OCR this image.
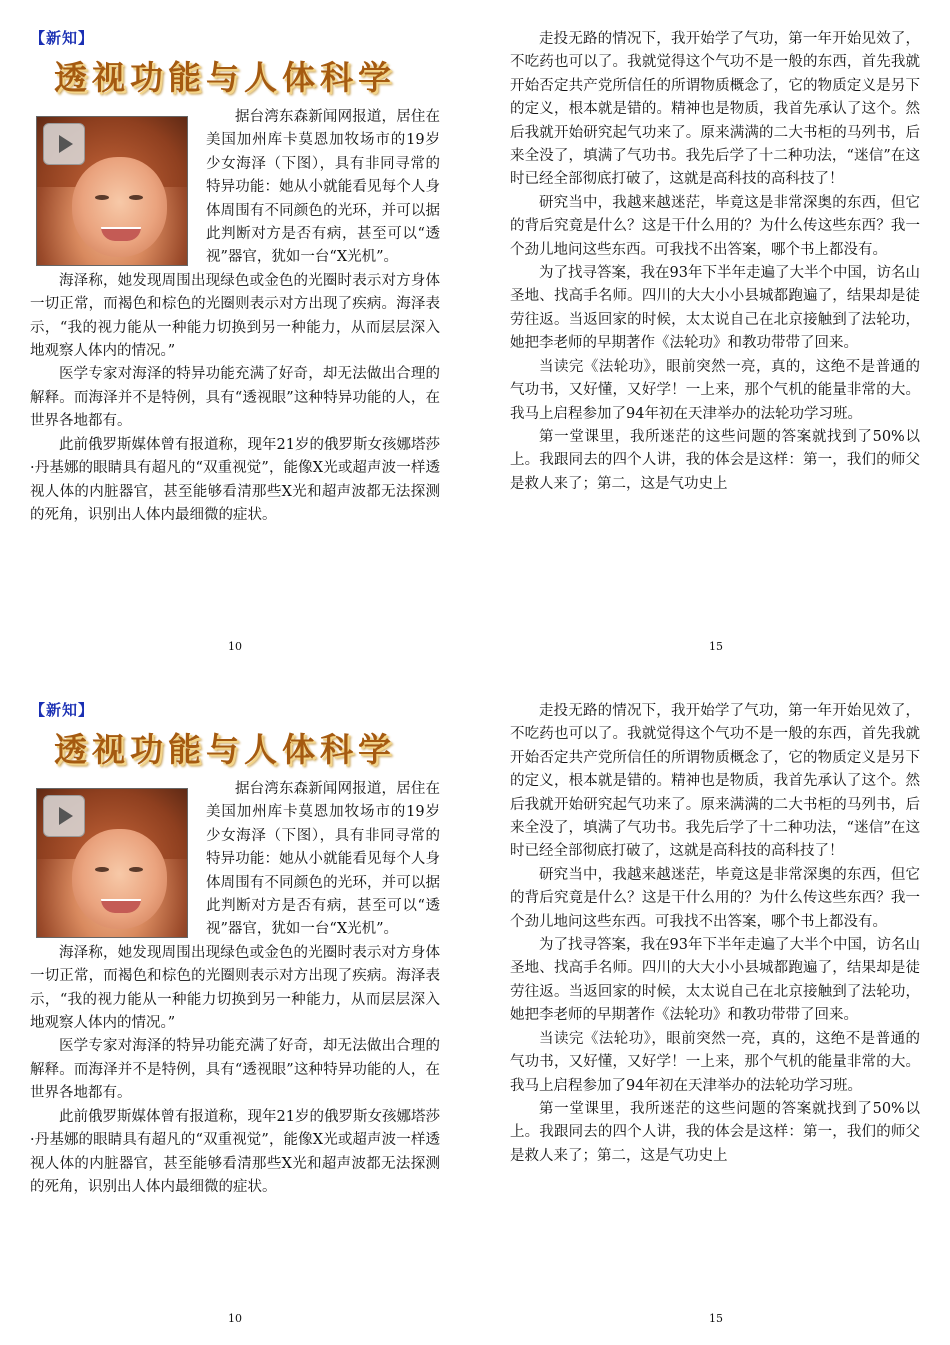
【新知】
透视功能与人体科学

据台湾东森新闻网报道，居住在美国加州库卡莫恩加牧场市的19岁少女海泽（下图），具有非同寻常的特异功能：她从小就能看见每个人身体周围有不同颜色的光环，并可以据此判断对方是否有病，甚至可以“透视”器官，犹如一台“X光机”。

海泽称，她发现周围出现绿色或金色的光圈时表示对方身体一切正常，而褐色和棕色的光圈则表示对方出现了疾病。海泽表示，“我的视力能从一种能力切换到另一种能力，从而层层深入地观察人体内的情况。”

医学专家对海泽的特异功能充满了好奇，却无法做出合理的解释。而海泽并不是特例，具有“透视眼”这种特异功能的人，在世界各地都有。

此前俄罗斯媒体曾有报道称，现年21岁的俄罗斯女孩娜塔莎·丹基娜的眼睛具有超凡的“双重视觉”，能像X光或超声波一样透视人体的内脏器官，甚至能够看清那些X光和超声波都无法探测的死角，识别出人体内最细微的症状。

走投无路的情况下，我开始学了气功，第一年开始见效了，不吃药也可以了。我就觉得这个气功不是一般的东西，首先我就开始否定共产党所信任的所谓物质概念了，它的物质定义是另下的定义，根本就是错的。精神也是物质，我首先承认了这个。然后我就开始研究起气功来了。原来满满的二大书柜的马列书，后来全没了，填满了气功书。我先后学了十二种功法，“迷信”在这时已经全部彻底打破了，这就是高科技的高科技了！

研究当中，我越来越迷茫，毕竟这是非常深奥的东西，但它的背后究竟是什么？这是干什么用的？为什么传这些东西？我一个劲儿地问这些东西。可我找不出答案，哪个书上都没有。

为了找寻答案，我在93年下半年走遍了大半个中国，访名山圣地、找高手名师。四川的大大小小县城都跑遍了，结果却是徒劳往返。当返回家的时候，太太说自己在北京接触到了法轮功，她把李老师的早期著作《法轮功》和教功带带了回来。

当读完《法轮功》，眼前突然一亮，真的，这绝不是普通的气功书，又好懂，又好学！一上来，那个气机的能量非常的大。我马上启程参加了94年初在天津举办的法轮功学习班。

第一堂课里，我所迷茫的这些问题的答案就找到了50%以上。我跟同去的四个人讲，我的体会是这样：第一，我们的师父是救人来了；第二，这是气功史上

10	15
【新知】
透视功能与人体科学

据台湾东森新闻网报道，居住在美国加州库卡莫恩加牧场市的19岁少女海泽（下图），具有非同寻常的特异功能：她从小就能看见每个人身体周围有不同颜色的光环，并可以据此判断对方是否有病，甚至可以“透视”器官，犹如一台“X光机”。

海泽称，她发现周围出现绿色或金色的光圈时表示对方身体一切正常，而褐色和棕色的光圈则表示对方出现了疾病。海泽表示，“我的视力能从一种能力切换到另一种能力，从而层层深入地观察人体内的情况。”

医学专家对海泽的特异功能充满了好奇，却无法做出合理的解释。而海泽并不是特例，具有“透视眼”这种特异功能的人，在世界各地都有。

此前俄罗斯媒体曾有报道称，现年21岁的俄罗斯女孩娜塔莎·丹基娜的眼睛具有超凡的“双重视觉”，能像X光或超声波一样透视人体的内脏器官，甚至能够看清那些X光和超声波都无法探测的死角，识别出人体内最细微的症状。

走投无路的情况下，我开始学了气功，第一年开始见效了，不吃药也可以了。我就觉得这个气功不是一般的东西，首先我就开始否定共产党所信任的所谓物质概念了，它的物质定义是另下的定义，根本就是错的。精神也是物质，我首先承认了这个。然后我就开始研究起气功来了。原来满满的二大书柜的马列书，后来全没了，填满了气功书。我先后学了十二种功法，“迷信”在这时已经全部彻底打破了，这就是高科技的高科技了！

研究当中，我越来越迷茫，毕竟这是非常深奥的东西，但它的背后究竟是什么？这是干什么用的？为什么传这些东西？我一个劲儿地问这些东西。可我找不出答案，哪个书上都没有。

为了找寻答案，我在93年下半年走遍了大半个中国，访名山圣地、找高手名师。四川的大大小小县城都跑遍了，结果却是徒劳往返。当返回家的时候，太太说自己在北京接触到了法轮功，她把李老师的早期著作《法轮功》和教功带带了回来。

当读完《法轮功》，眼前突然一亮，真的，这绝不是普通的气功书，又好懂，又好学！一上来，那个气机的能量非常的大。我马上启程参加了94年初在天津举办的法轮功学习班。

第一堂课里，我所迷茫的这些问题的答案就找到了50%以上。我跟同去的四个人讲，我的体会是这样：第一，我们的师父是救人来了；第二，这是气功史上

10	15
